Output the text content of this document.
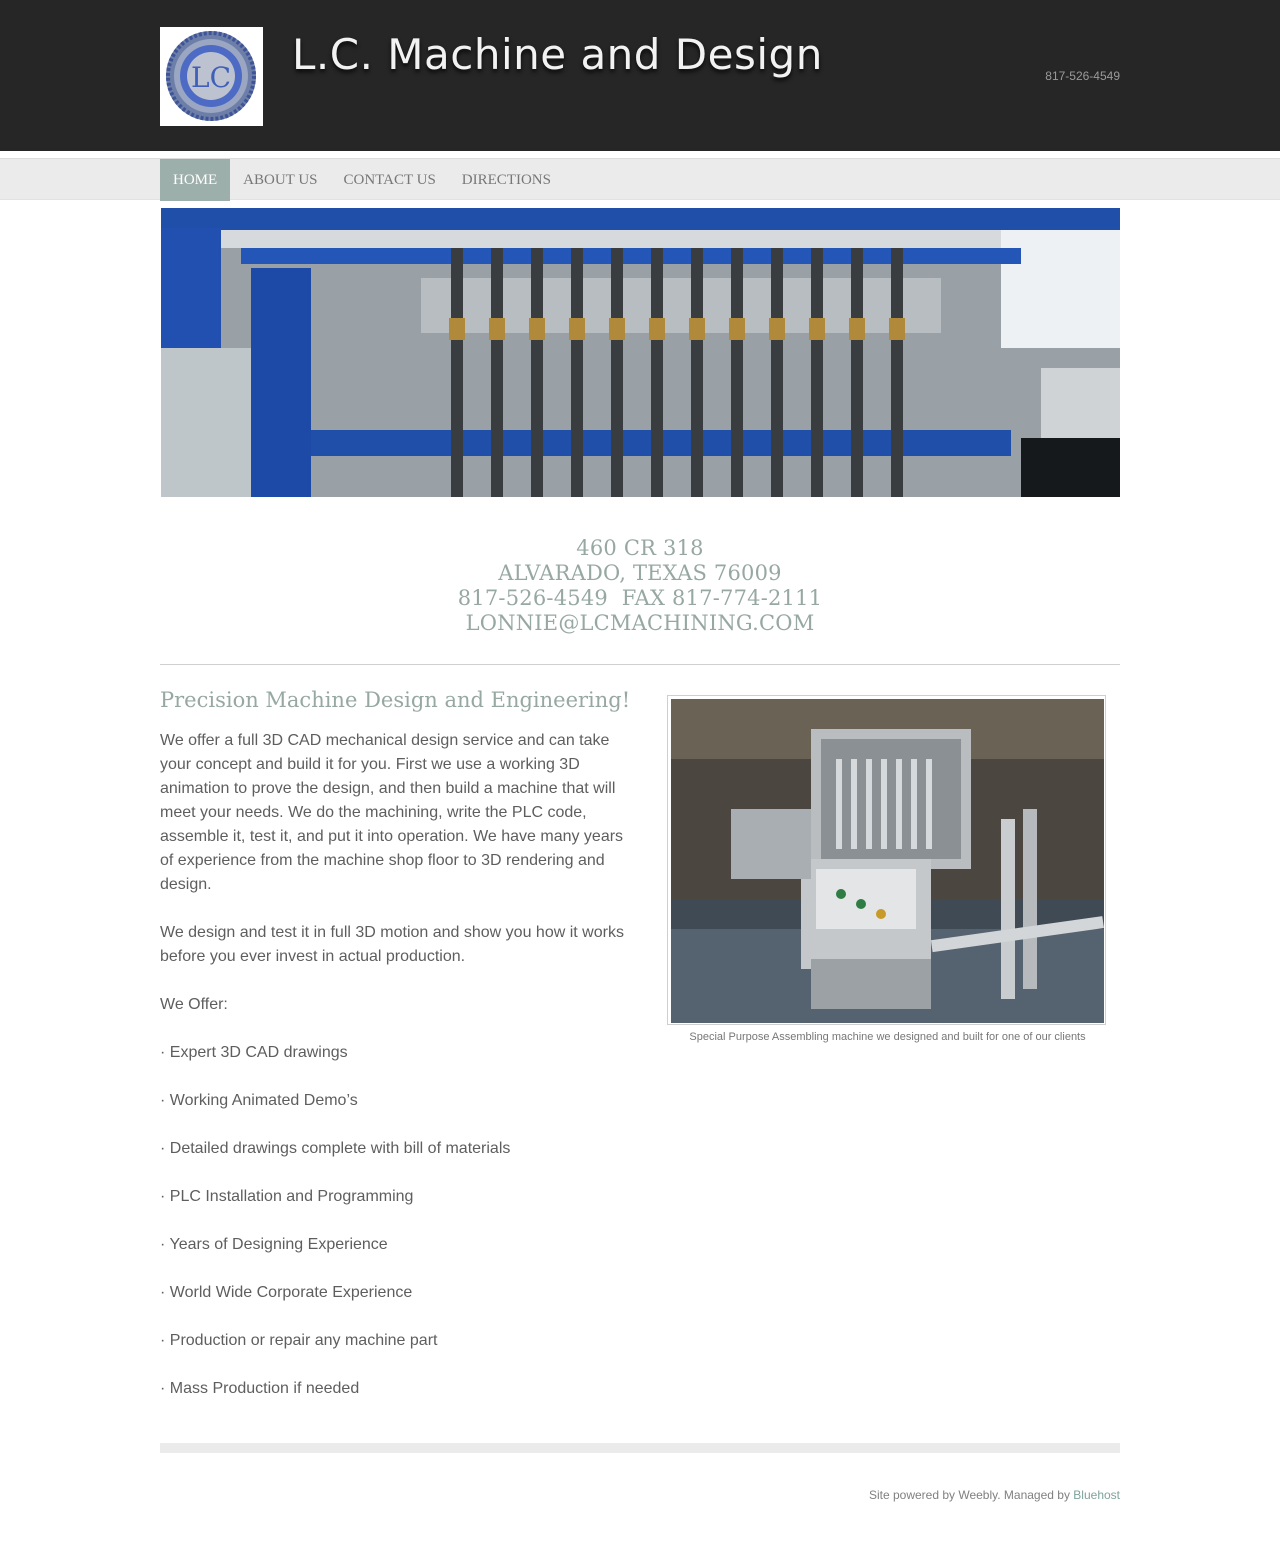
LC L.C. Machine and Design	817-526-4549
HOME	ABOUT US	CONTACT US	DIRECTIONS
460 CR 318
ALVARADO, TEXAS 76009
817-526-4549  FAX 817-774-2111
LONNIE@LCMACHINING.COM
Precision Machine Design and Engineering!

We offer a full 3D CAD mechanical design service and can take your concept and build it for you. First we use a working 3D animation to prove the design, and then build a machine that will meet your needs. We do the machining, write the PLC code, assemble it, test it, and put it into operation. We have many years of experience from the machine shop floor to 3D rendering and design.

We design and test it in full 3D motion and show you how it works before you ever invest in actual production.

We Offer:

· Expert 3D CAD drawings

· Working Animated Demo’s

· Detailed drawings complete with bill of materials

· PLC Installation and Programming

· Years of Designing Experience

· World Wide Corporate Experience

· Production or repair any machine part

· Mass Production if needed

Special Purpose Assembling machine we designed and built for one of our clients
Site powered by Weebly. Managed by Bluehost
